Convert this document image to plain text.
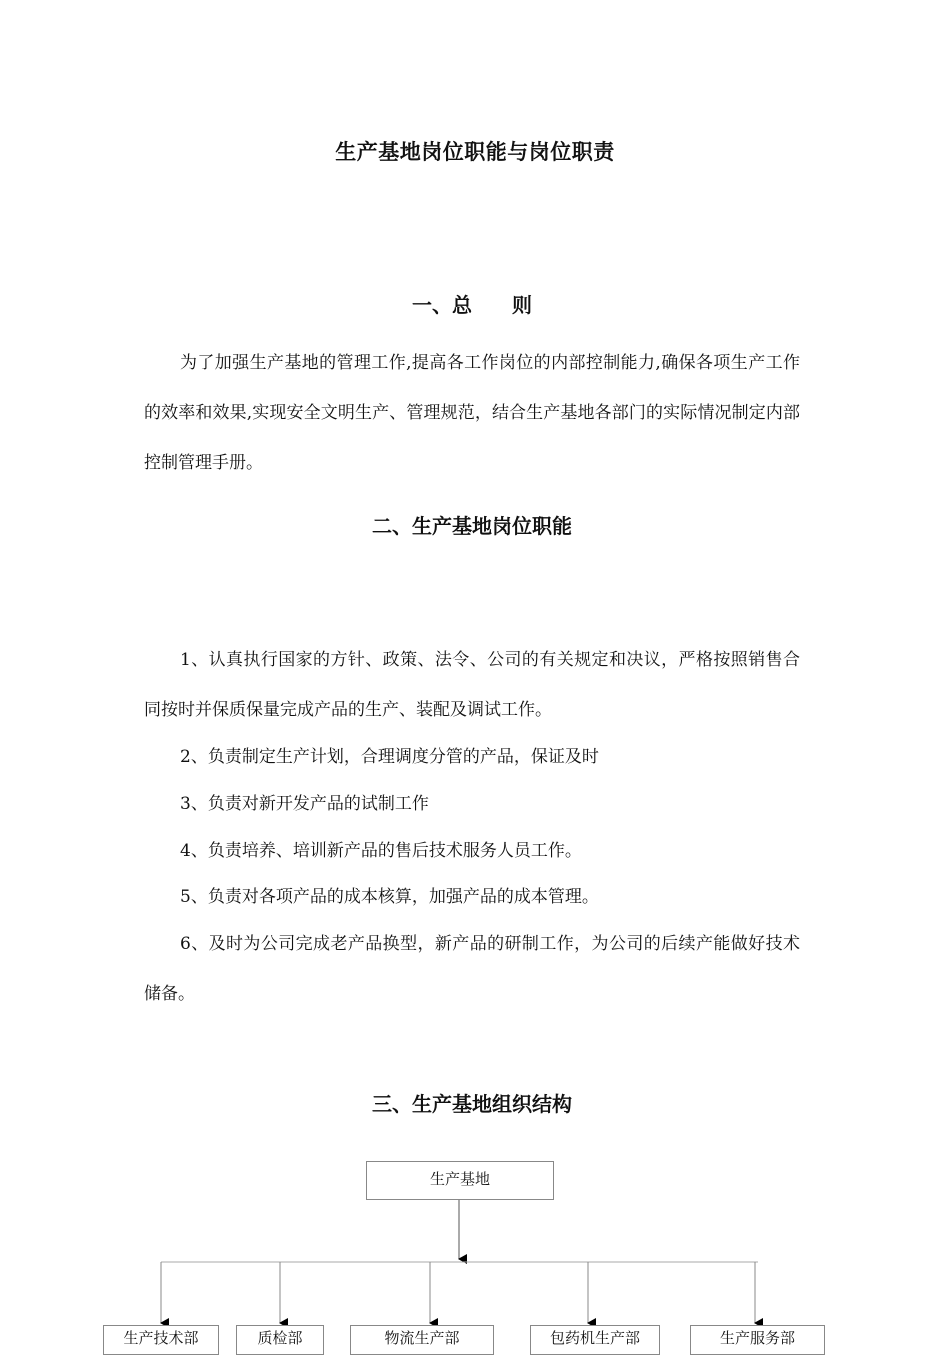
生产基地岗位职能与岗位职责
一、总　　则
为了加强生产基地的管理工作,提高各工作岗位的内部控制能力,确保各项生产工作的效率和效果,实现安全文明生产、管理规范，结合生产基地各部门的实际情况制定内部控制管理手册。
二、生产基地岗位职能
1、认真执行国家的方针、政策、法令、公司的有关规定和决议，严格按照销售合同按时并保质保量完成产品的生产、装配及调试工作。
2、负责制定生产计划，合理调度分管的产品，保证及时
3、负责对新开发产品的试制工作
4、负责培养、培训新产品的售后技术服务人员工作。
5、负责对各项产品的成本核算，加强产品的成本管理。
6、及时为公司完成老产品换型，新产品的研制工作，为公司的后续产能做好技术储备。
三、生产基地组织结构
生产基地
生产技术部	质检部	物流生产部	包药机生产部	生产服务部
